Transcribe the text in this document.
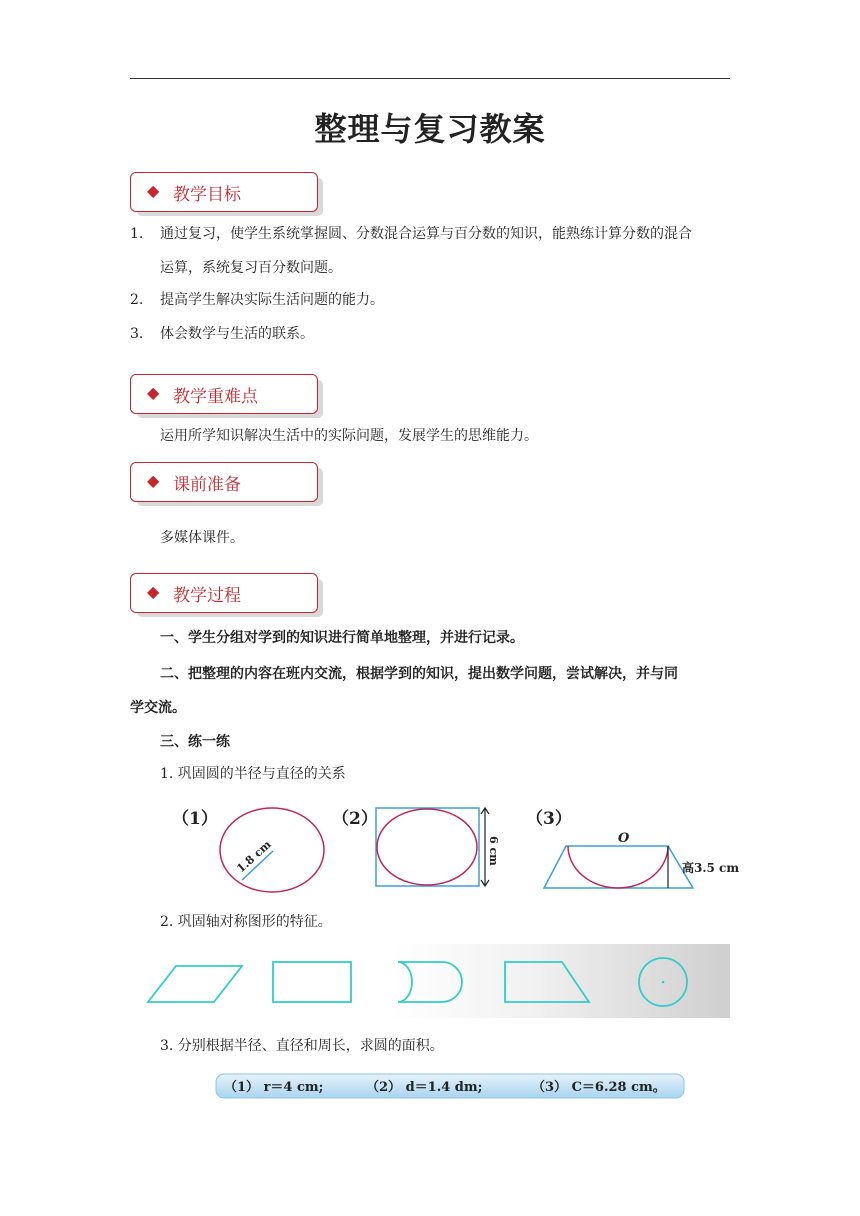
整理与复习教案
◆ 教学目标
1. 通过复习，使学生系统掌握圆、分数混合运算与百分数的知识，能熟练计算分数的混合
运算，系统复习百分数问题。
2. 提高学生解决实际生活问题的能力。
3. 体会数学与生活的联系。
◆ 教学重难点
运用所学知识解决生活中的实际问题，发展学生的思维能力。
◆ 课前准备
多媒体课件。
◆ 教学过程
一、学生分组对学到的知识进行简单地整理，并进行记录。
二、把整理的内容在班内交流，根据学到的知识，提出数学问题，尝试解决，并与同
学交流。
三、练一练
1. 巩固圆的半径与直径的关系
（1）
1.8 cm
（2）
6 cm
（3）
O
高3.5 cm
2. 巩固轴对称图形的特征。
3. 分别根据半径、直径和周长，求圆的面积。
（1） r＝4 cm;	（2） d＝1.4 dm;	（3） C＝6.28 cm。
